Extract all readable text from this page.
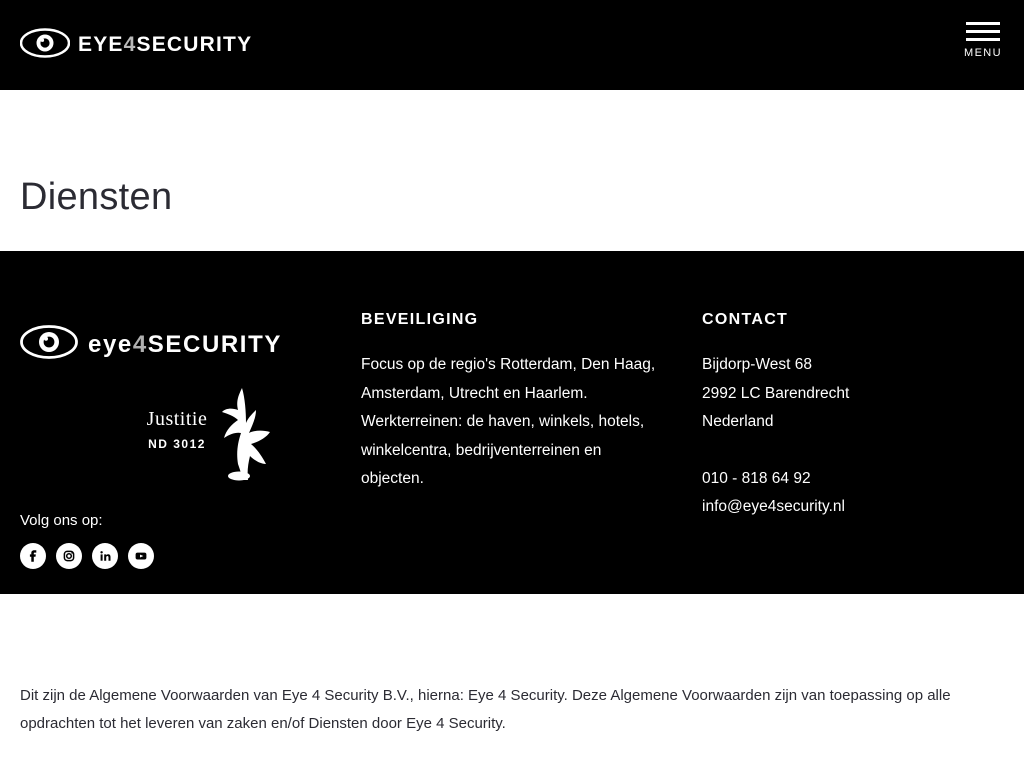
EYE 4 SECURITY	MENU
Diensten
eye 4 SECURITY
Justitie
ND 3012
Volg ons op:
BEVEILIGING

Focus op de regio's Rotterdam, Den Haag, Amsterdam, Utrecht en Haarlem.

Werkterreinen: de haven, winkels, hotels, winkelcentra, bedrijventerreinen en objecten.

CONTACT

Bijdorp-West 68

2992 LC Barendrecht

Nederland

010 - 818 64 92

info@eye4security.nl

Dit zijn de Algemene Voorwaarden van Eye 4 Security B.V., hierna: Eye 4 Security. Deze Algemene Voorwaarden zijn van toepassing op alle opdrachten tot het leveren van zaken en/of Diensten door Eye 4 Security.
